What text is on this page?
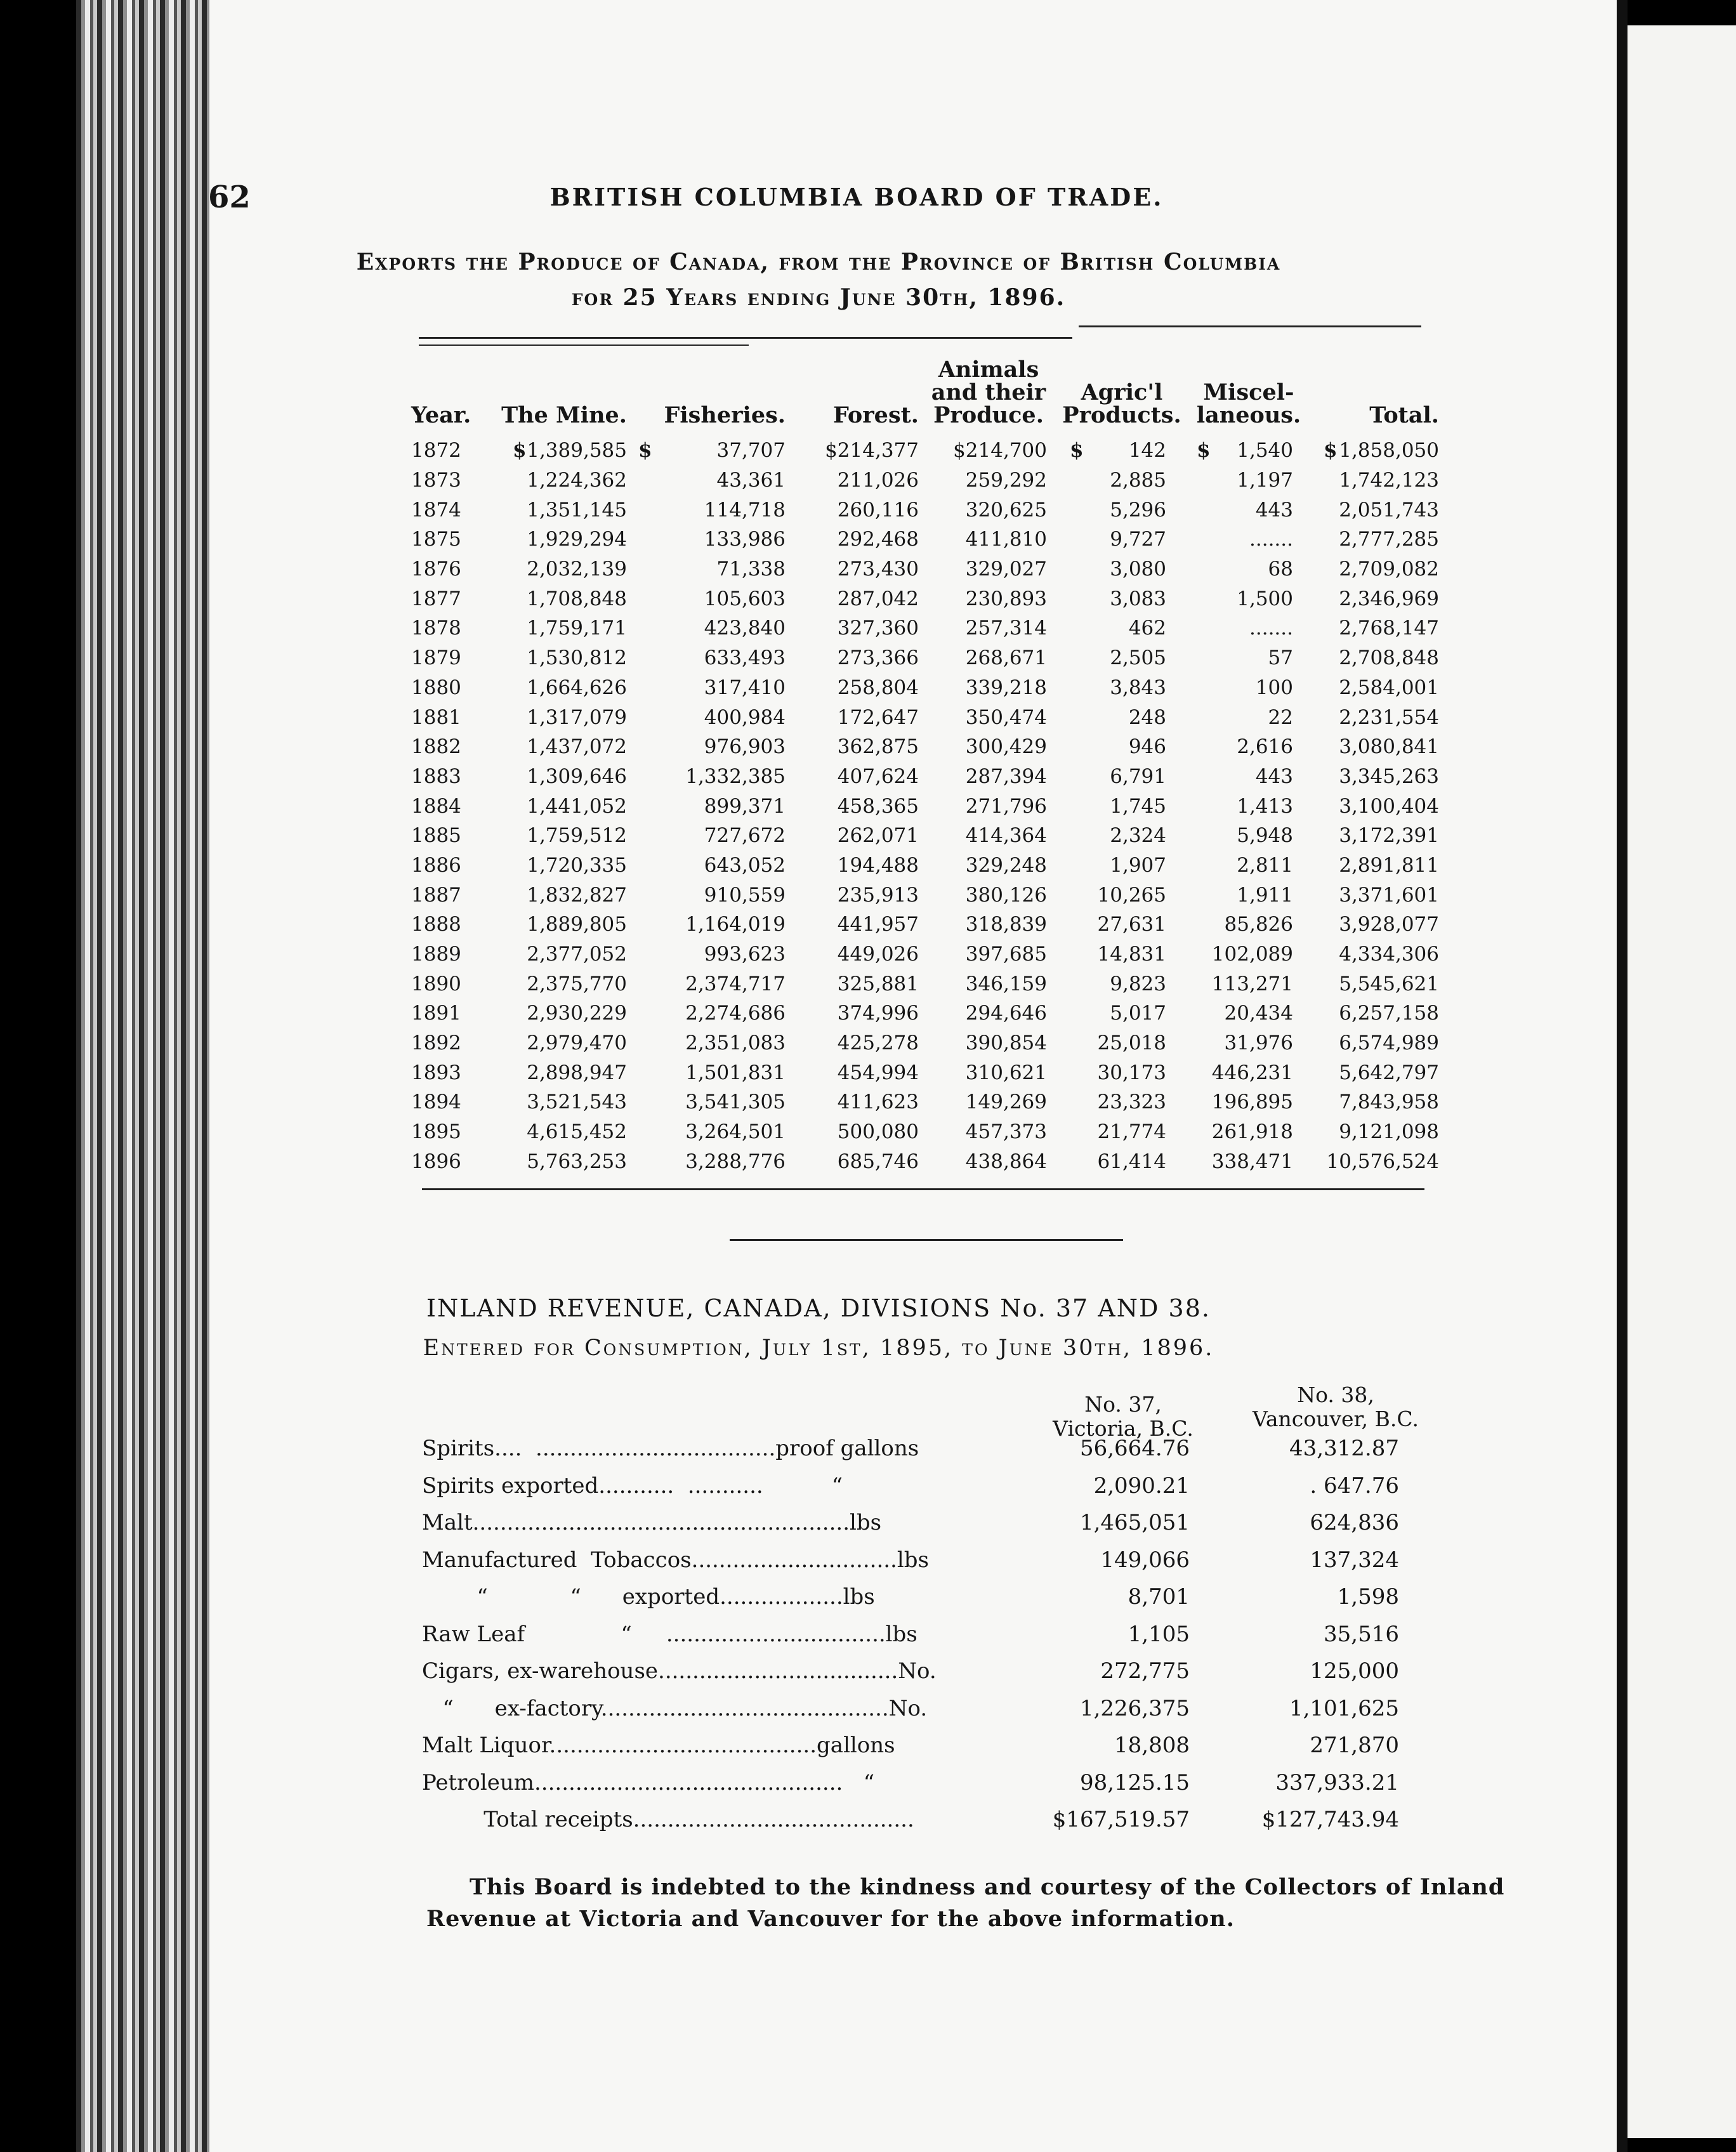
62	BRITISH COLUMBIA BOARD OF TRADE.
Exports the Produce of Canada, from the Province of British Columbia
for 25 Years ending June 30th, 1896.
Year.	The Mine.	Fisheries.	Forest.	Animals and their Produce.	Agric'l Products.	Miscel- laneous.	Total.
1872	$ 1,389,585	$ 37,707	$214,377	$214,700	$ 142	$ 1,540	$ 1,858,050
1873	1,224,362	43,361	211,026	259,292	2,885	1,197	1,742,123
1874	1,351,145	114,718	260,116	320,625	5,296	443	2,051,743
1875	1,929,294	133,986	292,468	411,810	9,727	.......	2,777,285
1876	2,032,139	71,338	273,430	329,027	3,080	68	2,709,082
1877	1,708,848	105,603	287,042	230,893	3,083	1,500	2,346,969
1878	1,759,171	423,840	327,360	257,314	462	.......	2,768,147
1879	1,530,812	633,493	273,366	268,671	2,505	57	2,708,848
1880	1,664,626	317,410	258,804	339,218	3,843	100	2,584,001
1881	1,317,079	400,984	172,647	350,474	248	22	2,231,554
1882	1,437,072	976,903	362,875	300,429	946	2,616	3,080,841
1883	1,309,646	1,332,385	407,624	287,394	6,791	443	3,345,263
1884	1,441,052	899,371	458,365	271,796	1,745	1,413	3,100,404
1885	1,759,512	727,672	262,071	414,364	2,324	5,948	3,172,391
1886	1,720,335	643,052	194,488	329,248	1,907	2,811	2,891,811
1887	1,832,827	910,559	235,913	380,126	10,265	1,911	3,371,601
1888	1,889,805	1,164,019	441,957	318,839	27,631	85,826	3,928,077
1889	2,377,052	993,623	449,026	397,685	14,831	102,089	4,334,306
1890	2,375,770	2,374,717	325,881	346,159	9,823	113,271	5,545,621
1891	2,930,229	2,274,686	374,996	294,646	5,017	20,434	6,257,158
1892	2,979,470	2,351,083	425,278	390,854	25,018	31,976	6,574,989
1893	2,898,947	1,501,831	454,994	310,621	30,173	446,231	5,642,797
1894	3,521,543	3,541,305	411,623	149,269	23,323	196,895	7,843,958
1895	4,615,452	3,264,501	500,080	457,373	21,774	261,918	9,121,098
1896	5,763,253	3,288,776	685,746	438,864	61,414	338,471	10,576,524
INLAND REVENUE, CANADA, DIVISIONS No. 37 AND 38.
Entered for Consumption, July 1st, 1895, to June 30th, 1896.
No. 37,
Victoria, B.C.
No. 38,
Vancouver, B.C.
Spirits....  ...................................proof gallons	56,664.76	43,312.87
Spirits exported...........  ...........          “	2,090.21	. 647.76
Malt.......................................................lbs	1,465,051	624,836
Manufactured  Tobaccos..............................lbs	149,066	137,324
“            “      exported..................lbs	8,701	1,598
Raw Leaf              “     ................................lbs	1,105	35,516
Cigars, ex-warehouse...................................No.	272,775	125,000
“      ex-factory..........................................No.	1,226,375	1,101,625
Malt Liquor.......................................gallons	18,808	271,870
Petroleum.............................................   “	98,125.15	337,933.21
Total receipts.........................................	$167,519.57	$127,743.94
This Board is indebted to the kindness and courtesy of the Collectors of Inland
Revenue at Victoria and Vancouver for the above information.
